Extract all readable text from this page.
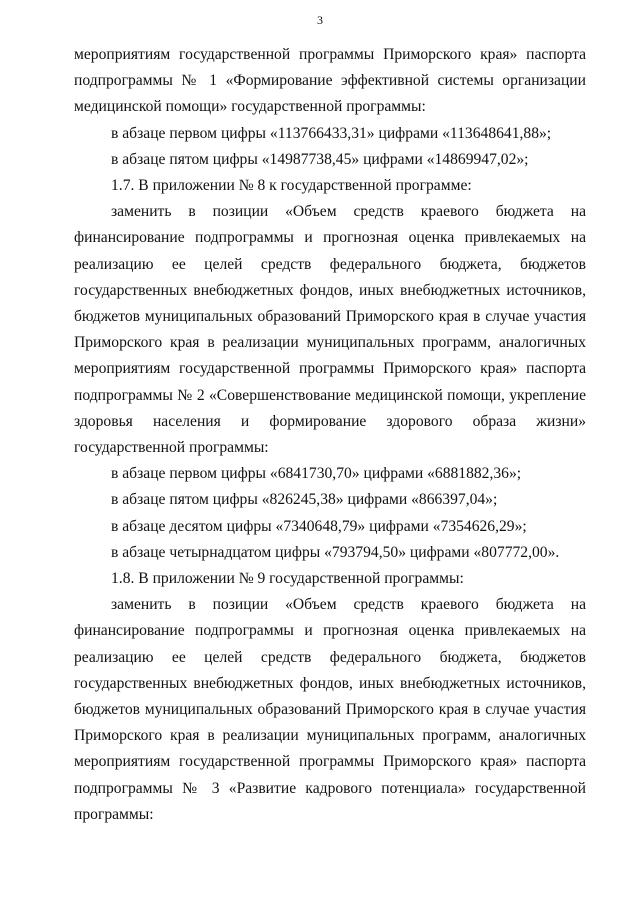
3

мероприятиям государственной программы Приморского края» паспорта подпрограммы № 1 «Формирование эффективной системы организации медицинской помощи» государственной программы:

в абзаце первом цифры «113766433,31» цифрами «113648641,88»;

в абзаце пятом цифры «14987738,45» цифрами «14869947,02»;

1.7. В приложении № 8 к государственной программе:

заменить в позиции «Объем средств краевого бюджета на финансирование подпрограммы и прогнозная оценка привлекаемых на реализацию ее целей средств федерального бюджета, бюджетов государственных внебюджетных фондов, иных внебюджетных источников, бюджетов муниципальных образований Приморского края в случае участия Приморского края в реализации муниципальных программ, аналогичных мероприятиям государственной программы Приморского края» паспорта подпрограммы № 2 «Совершенствование медицинской помощи, укрепление здоровья населения и формирование здорового образа жизни» государственной программы:

в абзаце первом цифры «6841730,70» цифрами «6881882,36»;

в абзаце пятом цифры «826245,38» цифрами «866397,04»;

в абзаце десятом цифры «7340648,79» цифрами «7354626,29»;

в абзаце четырнадцатом цифры «793794,50» цифрами «807772,00».

1.8. В приложении № 9 государственной программы:

заменить в позиции «Объем средств краевого бюджета на финансирование подпрограммы и прогнозная оценка привлекаемых на реализацию ее целей средств федерального бюджета, бюджетов государственных внебюджетных фондов, иных внебюджетных источников, бюджетов муниципальных образований Приморского края в случае участия Приморского края в реализации муниципальных программ, аналогичных мероприятиям государственной программы Приморского края» паспорта подпрограммы № 3 «Развитие кадрового потенциала» государственной программы:
